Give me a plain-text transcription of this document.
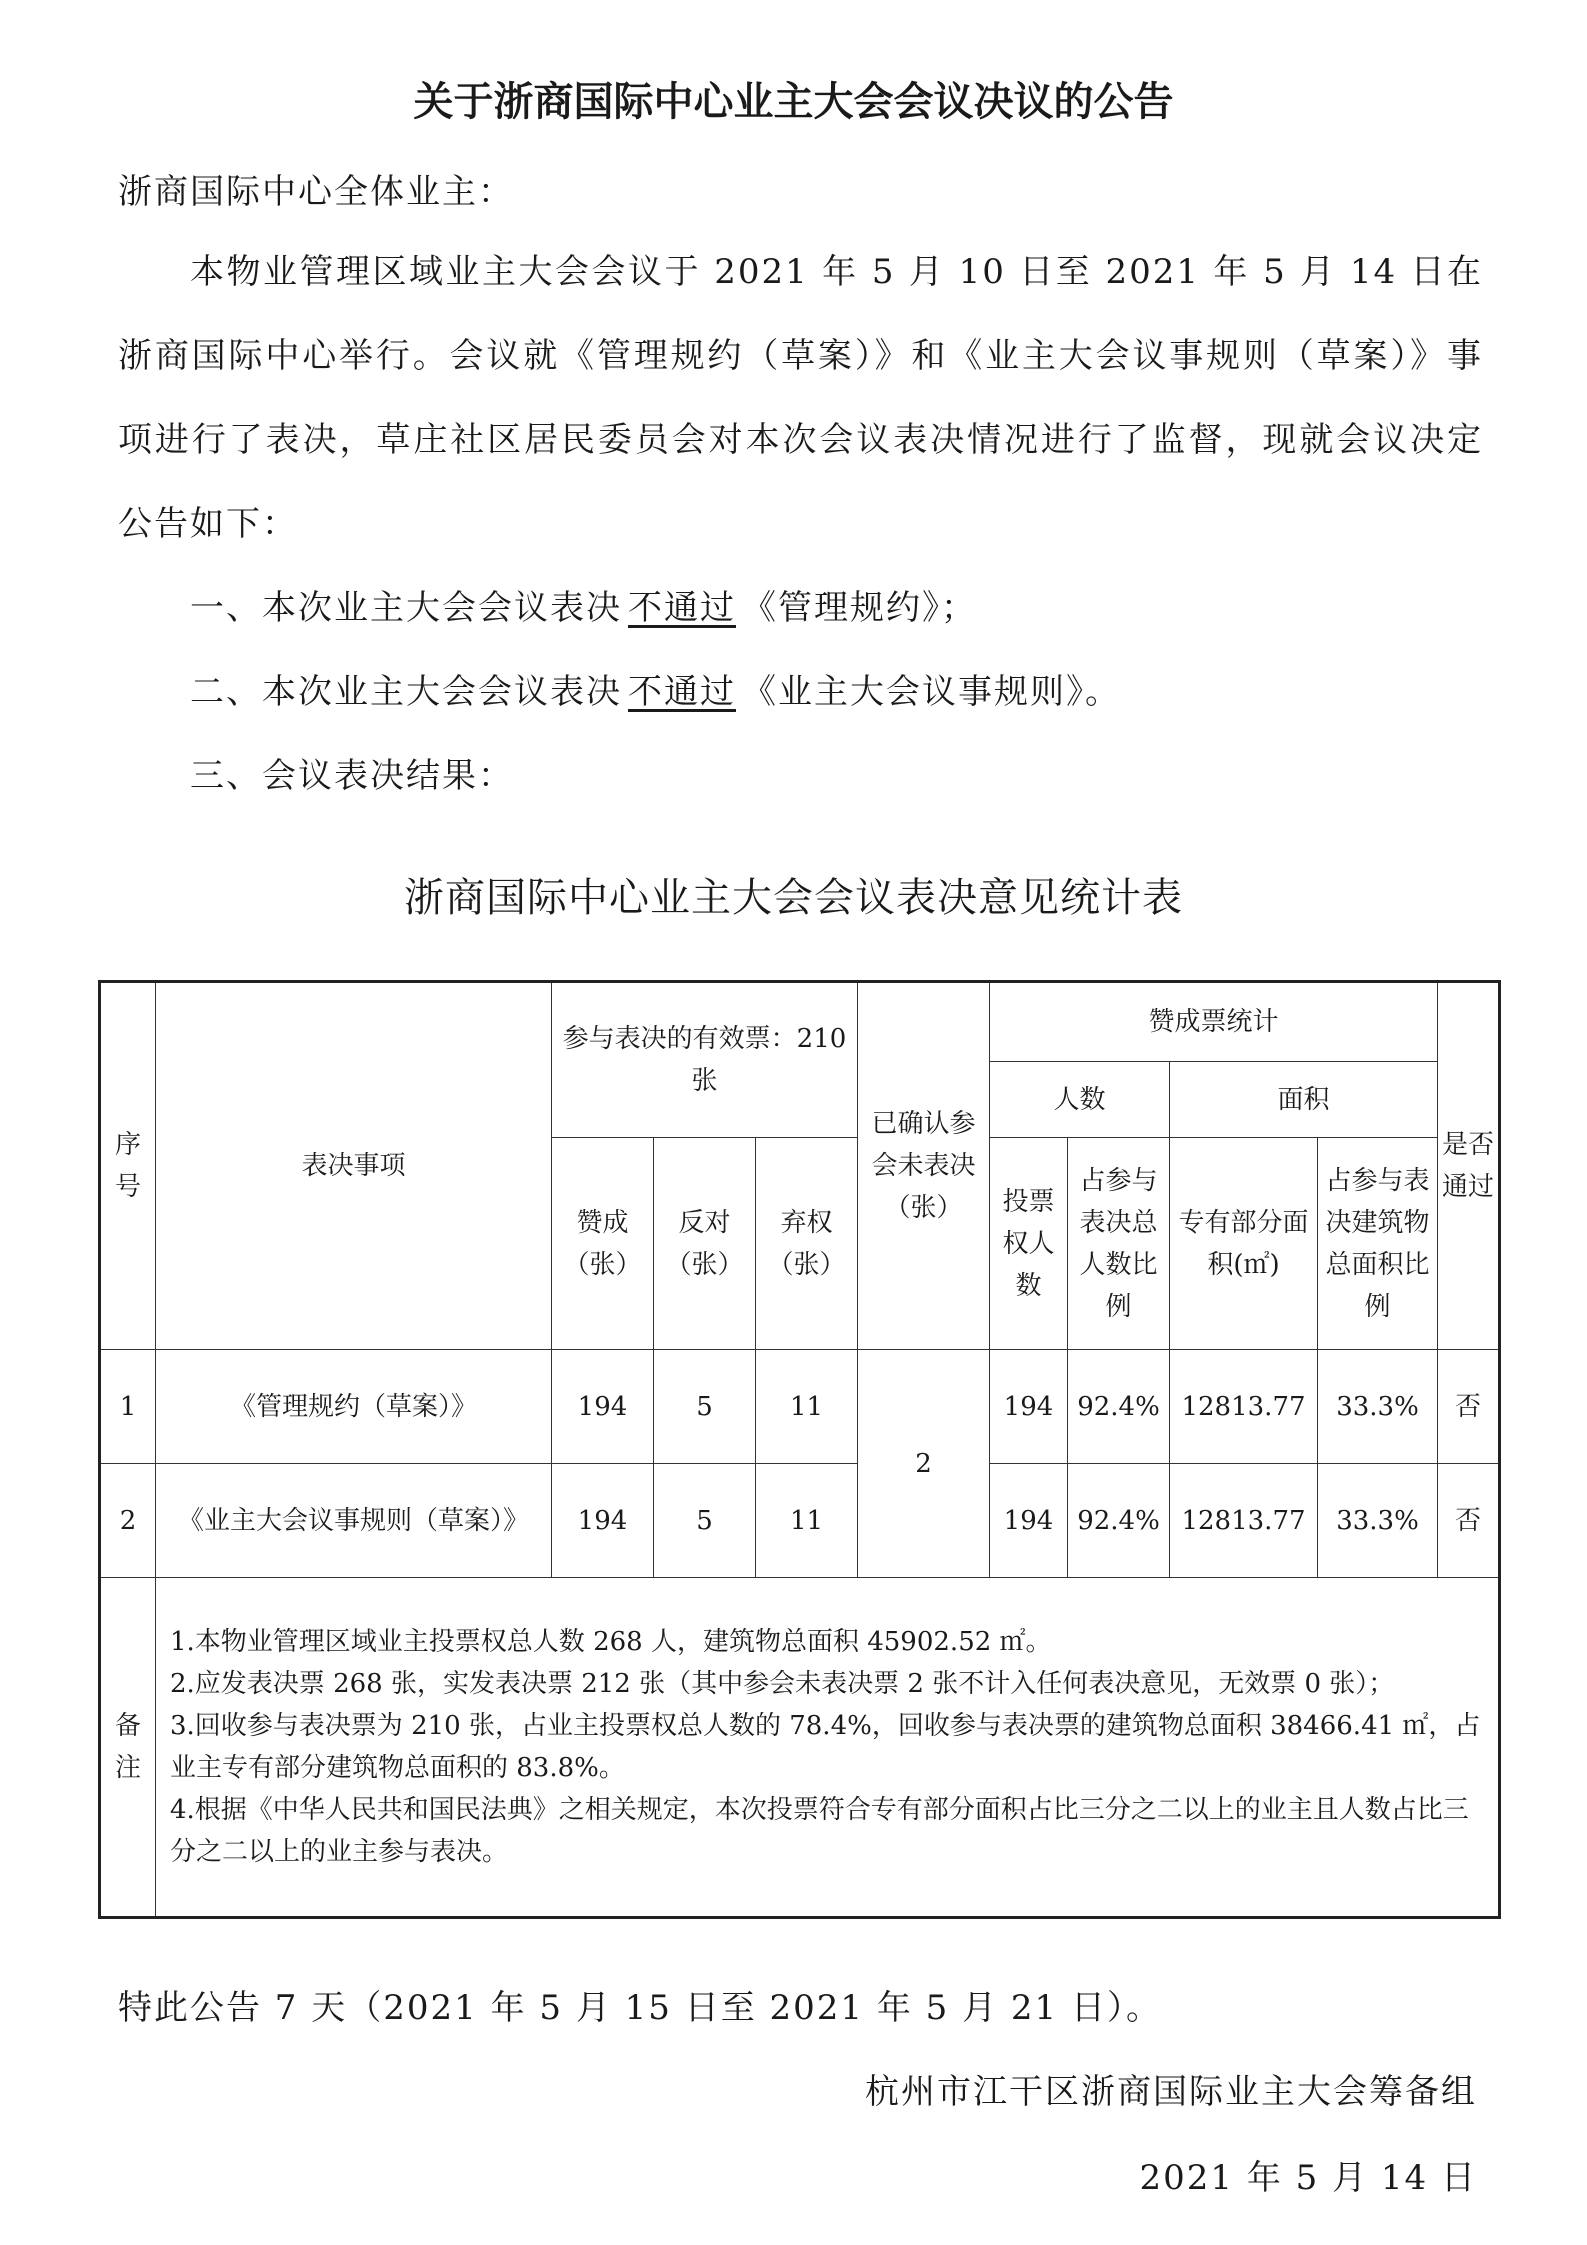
关于浙商国际中心业主大会会议决议的公告
浙商国际中心全体业主：
本物业管理区域业主大会会议于 2021 年 5 月 10 日至 2021 年 5 月 14 日在浙商国际中心举行。会议就《管理规约（草案）》和《业主大会议事规则（草案）》事项进行了表决，草庄社区居民委员会对本次会议表决情况进行了监督，现就会议决定公告如下：
一、本次业主大会会议表决 不通过 《管理规约》；
二、本次业主大会会议表决 不通过 《业主大会议事规则》。
三、会议表决结果：
浙商国际中心业主大会会议表决意见统计表
序号	表决事项	参与表决的有效票：210 张			已确认参会未表决（张）	赞成票统计				是否通过
						人数		面积		
		赞成（张）	反对（张）	弃权（张）		投票权人数	占参与表决总人数比例	专有部分面积(㎡)	占参与表决建筑物总面积比例	
1	《管理规约（草案）》	194	5	11	2	194	92.4%	12813.77	33.3%	否
2	《业主大会议事规则（草案）》	194	5	11		194	92.4%	12813.77	33.3%	否
备注	1.本物业管理区域业主投票权总人数 268 人，建筑物总面积 45902.52 ㎡。

2.应发表决票 268 张，实发表决票 212 张（其中参会未表决票 2 张不计入任何表决意见，无效票 0 张）；

3.回收参与表决票为 210 张，占业主投票权总人数的 78.4%，回收参与表决票的建筑物总面积 38466.41 ㎡，占业主专有部分建筑物总面积的 83.8%。

4.根据《中华人民共和国民法典》之相关规定，本次投票符合专有部分面积占比三分之二以上的业主且人数占比三分之二以上的业主参与表决。									

特此公告 7 天（2021 年 5 月 15 日至 2021 年 5 月 21 日）。
杭州市江干区浙商国际业主大会筹备组
2021 年 5 月 14 日
